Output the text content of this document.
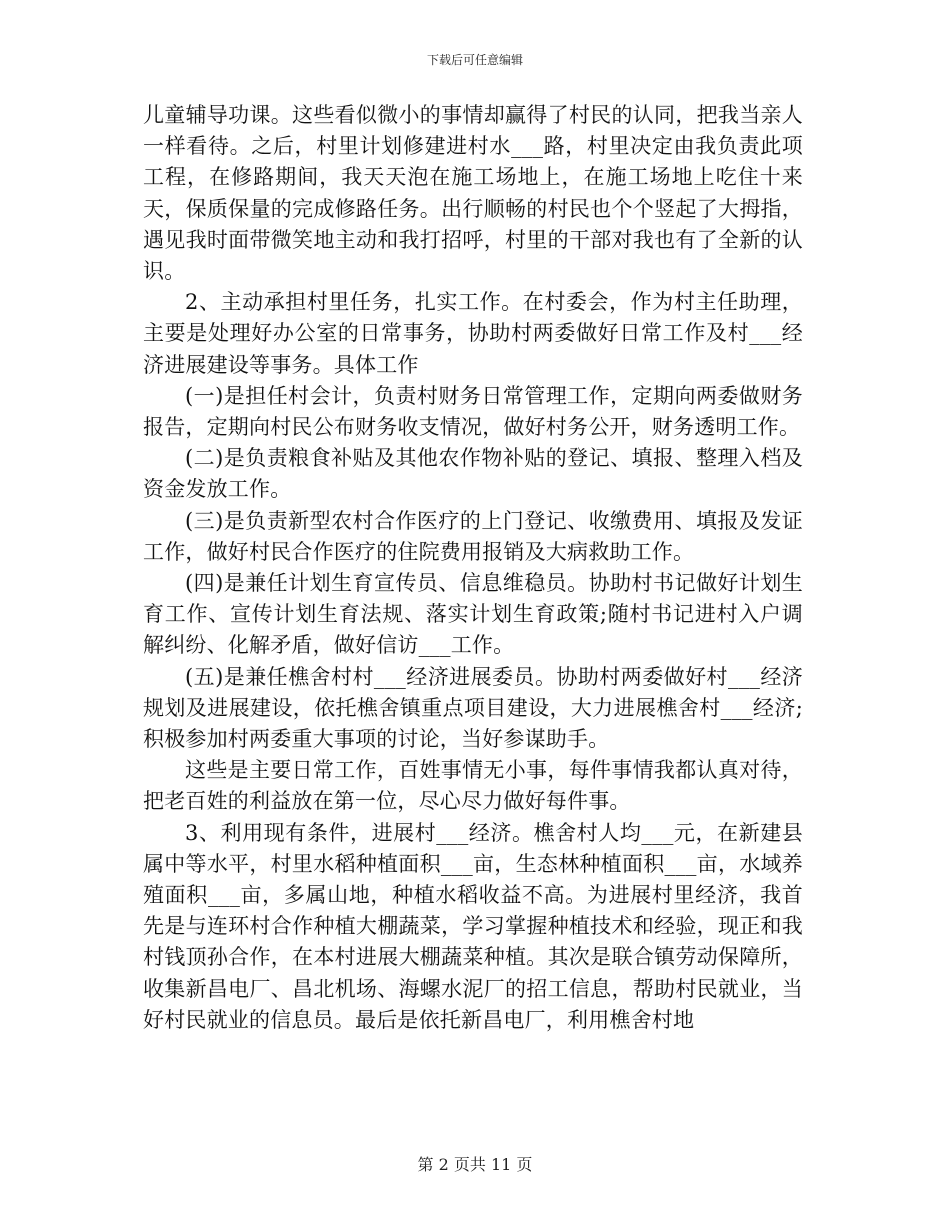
下载后可任意编辑

儿童辅导功课。这些看似微小的事情却赢得了村民的认同，把我当亲人一样看待。之后，村里计划修建进村水___路，村里决定由我负责此项工程，在修路期间，我天天泡在施工场地上，在施工场地上吃住十来天，保质保量的完成修路任务。出行顺畅的村民也个个竖起了大拇指，遇见我时面带微笑地主动和我打招呼，村里的干部对我也有了全新的认识。

2、主动承担村里任务，扎实工作。在村委会，作为村主任助理，主要是处理好办公室的日常事务，协助村两委做好日常工作及村___经济进展建设等事务。具体工作

(一)是担任村会计，负责村财务日常管理工作，定期向两委做财务报告，定期向村民公布财务收支情况，做好村务公开，财务透明工作。

(二)是负责粮食补贴及其他农作物补贴的登记、填报、整理入档及资金发放工作。

(三)是负责新型农村合作医疗的上门登记、收缴费用、填报及发证工作，做好村民合作医疗的住院费用报销及大病救助工作。

(四)是兼任计划生育宣传员、信息维稳员。协助村书记做好计划生育工作、宣传计划生育法规、落实计划生育政策;随村书记进村入户调解纠纷、化解矛盾，做好信访___工作。

(五)是兼任樵舍村村___经济进展委员。协助村两委做好村___经济规划及进展建设，依托樵舍镇重点项目建设，大力进展樵舍村___经济;积极参加村两委重大事项的讨论，当好参谋助手。

这些是主要日常工作，百姓事情无小事，每件事情我都认真对待，把老百姓的利益放在第一位，尽心尽力做好每件事。

3、利用现有条件，进展村___经济。樵舍村人均___元，在新建县属中等水平，村里水稻种植面积___亩，生态林种植面积___亩，水域养殖面积___亩，多属山地，种植水稻收益不高。为进展村里经济，我首先是与连环村合作种植大棚蔬菜，学习掌握种植技术和经验，现正和我村钱顶孙合作，在本村进展大棚蔬菜种植。其次是联合镇劳动保障所，收集新昌电厂、昌北机场、海螺水泥厂的招工信息，帮助村民就业，当好村民就业的信息员。最后是依托新昌电厂，利用樵舍村地

第 2 页共 11 页
